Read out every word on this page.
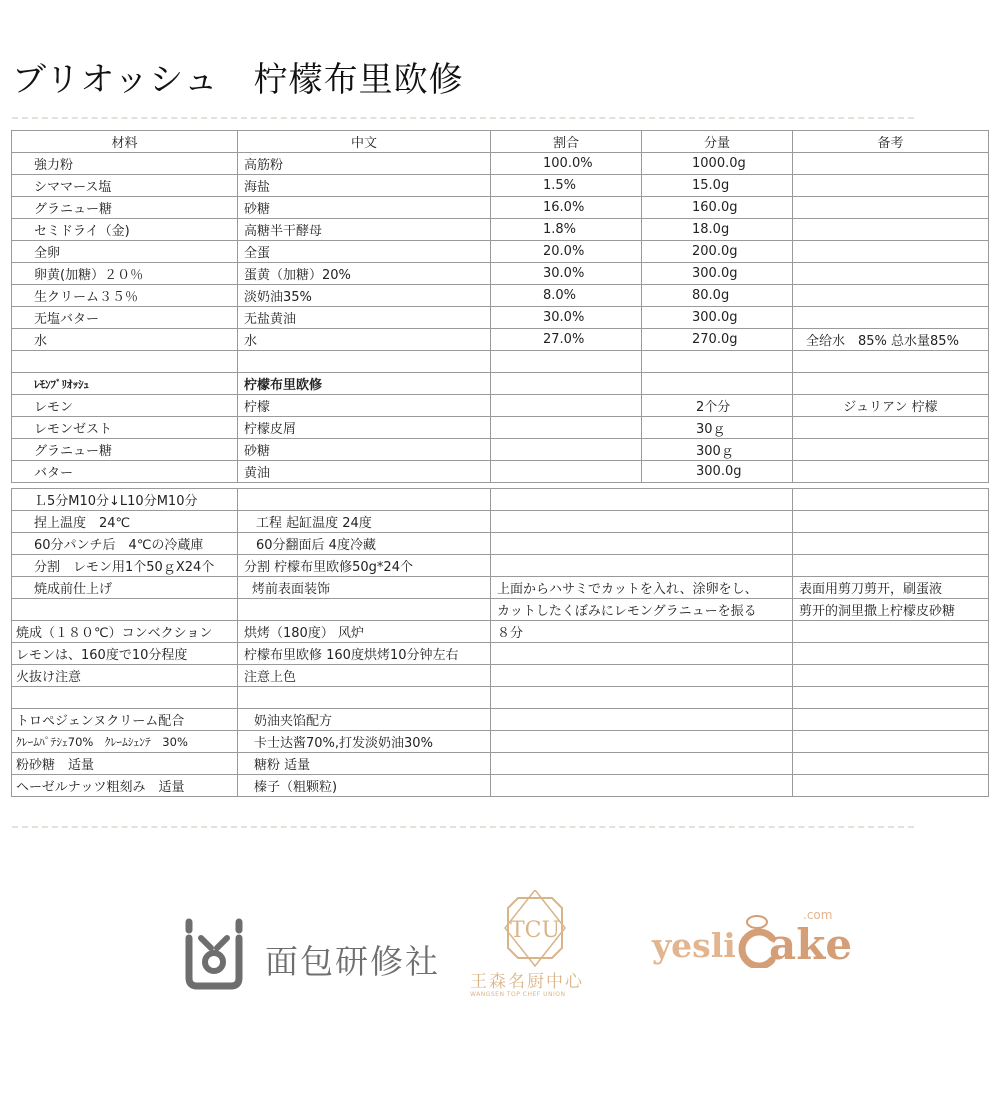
ブリオッシュ　柠檬布里欧修
材料	中文	割合	分量	备考
強力粉	高筋粉	100.0%	1000.0g	
シママース塩	海盐	1.5%	15.0g	
グラニュー糖	砂糖	16.0%	160.0g	
セミドライ（金)	高糖半干酵母	1.8%	18.0g	
全卵	全蛋	20.0%	200.0g	
卵黄(加糖）２０％	蛋黄（加糖）20%	30.0%	300.0g	
生クリーム３５％	淡奶油35%	8.0%	80.0g	
无塩バター	无盐黄油	30.0%	300.0g	
水	水	27.0%	270.0g	全给水　85% 总水量85%

ﾚﾓﾝﾌﾞﾘｵｯｼｭ	柠檬布里欧修			
レモン	柠檬		2个分	ジュリアン 柠檬
レモンゼスト	柠檬皮屑		30ｇ	
グラニュー糖	砂糖		300ｇ	
バター	黄油		300.0g	
Ｌ5分M10分↓L10分M10分			
捏上温度　24℃	工程 起缸温度 24度		
60分パンチ后　4℃の冷蔵庫	60分翻面后 4度冷藏		
分割　レモン用1个50ｇX24个	分割 柠檬布里欧修50g*24个		
焼成前仕上げ	烤前表面装饰	上面からハサミでカットを入れ、涂卵をし、	表面用剪刀剪开，刷蛋液
		カットしたくぼみにレモングラニューを振る	剪开的洞里撒上柠檬皮砂糖
焼成（１８０℃）コンベクション	烘烤（180度） 风炉	８分	
レモンは、160度で10分程度	柠檬布里欧修 160度烘烤10分钟左右		
火抜け注意	注意上色		

トロペジェンヌクリーム配合	奶油夹馅配方		
ｸﾚｰﾑﾊﾟﾃｼｪ70%　ｸﾚｰﾑｼｪﾝﾃ　30%	卡士达酱70%,打发淡奶油30%		
粉砂糖　适量	糖粉 适量		
ヘーゼルナッツ粗刻み　适量	榛子（粗颗粒)		
面包研修社
TCU
王森名厨中心
WANGSEN TOP CHEF UNION
yesli ake
.com
